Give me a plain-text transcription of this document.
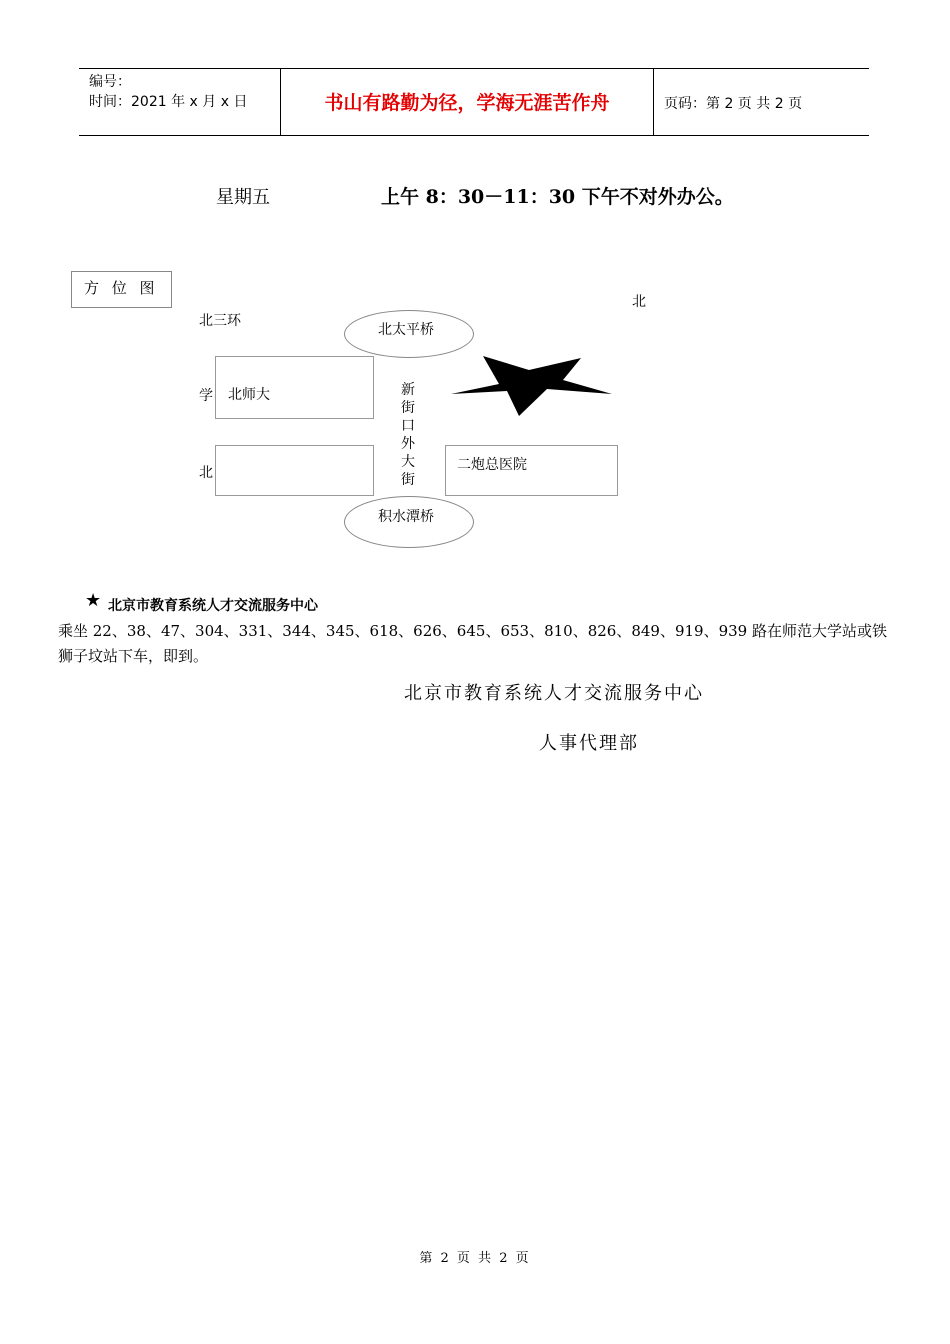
编号：
时间：2021 年 x 月 x 日	书山有路勤为径，学海无涯苦作舟	页码：第 2 页 共 2 页
星期五	上午 8：30－11：30 下午不对外办公。
方 位 图
北
北三环
北太平桥
学 北师大	新
街
口
外
大
街
北	二炮总医院
积水潭桥
★ 北京市教育系统人才交流服务中心
乘坐 22、38、47、304、331、344、345、618、626、645、653、810、826、849、919、939 路在师范大学站或铁狮子坟站下车，即到。
北京市教育系统人才交流服务中心
人事代理部
第 2 页 共 2 页
